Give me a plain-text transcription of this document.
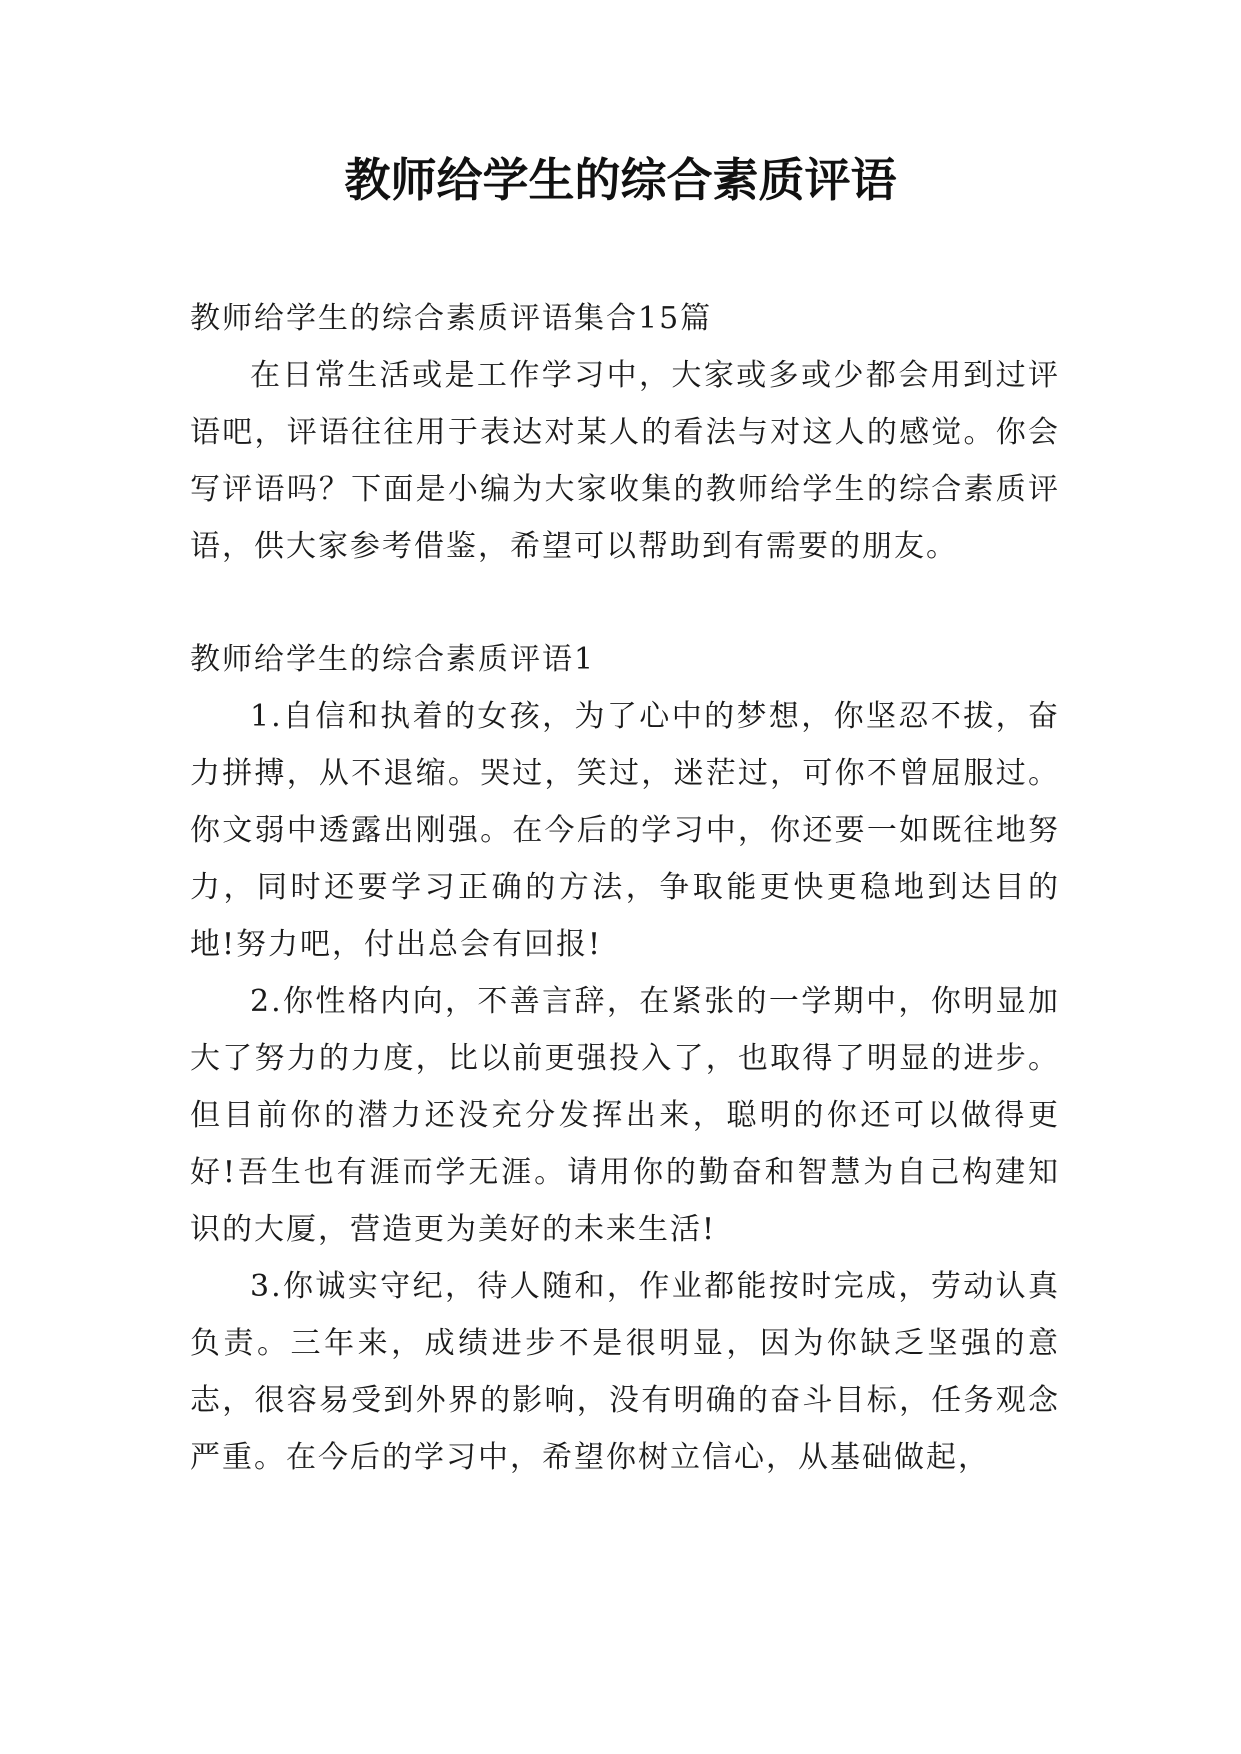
教师给学生的综合素质评语

教师给学生的综合素质评语集合15篇

在日常生活或是工作学习中，大家或多或少都会用到过评语吧，评语往往用于表达对某人的看法与对这人的感觉。你会写评语吗？下面是小编为大家收集的教师给学生的综合素质评语，供大家参考借鉴，希望可以帮助到有需要的朋友。

教师给学生的综合素质评语1

1.自信和执着的女孩，为了心中的梦想，你坚忍不拔，奋力拼搏，从不退缩。哭过，笑过，迷茫过，可你不曾屈服过。你文弱中透露出刚强。在今后的学习中，你还要一如既往地努力，同时还要学习正确的方法，争取能更快更稳地到达目的地!努力吧，付出总会有回报!

2.你性格内向，不善言辞，在紧张的一学期中，你明显加大了努力的力度，比以前更强投入了，也取得了明显的进步。但目前你的潜力还没充分发挥出来，聪明的你还可以做得更好!吾生也有涯而学无涯。请用你的勤奋和智慧为自己构建知识的大厦，营造更为美好的未来生活!

3.你诚实守纪，待人随和，作业都能按时完成，劳动认真负责。三年来，成绩进步不是很明显，因为你缺乏坚强的意志，很容易受到外界的影响，没有明确的奋斗目标，任务观念严重。在今后的学习中，希望你树立信心，从基础做起，
